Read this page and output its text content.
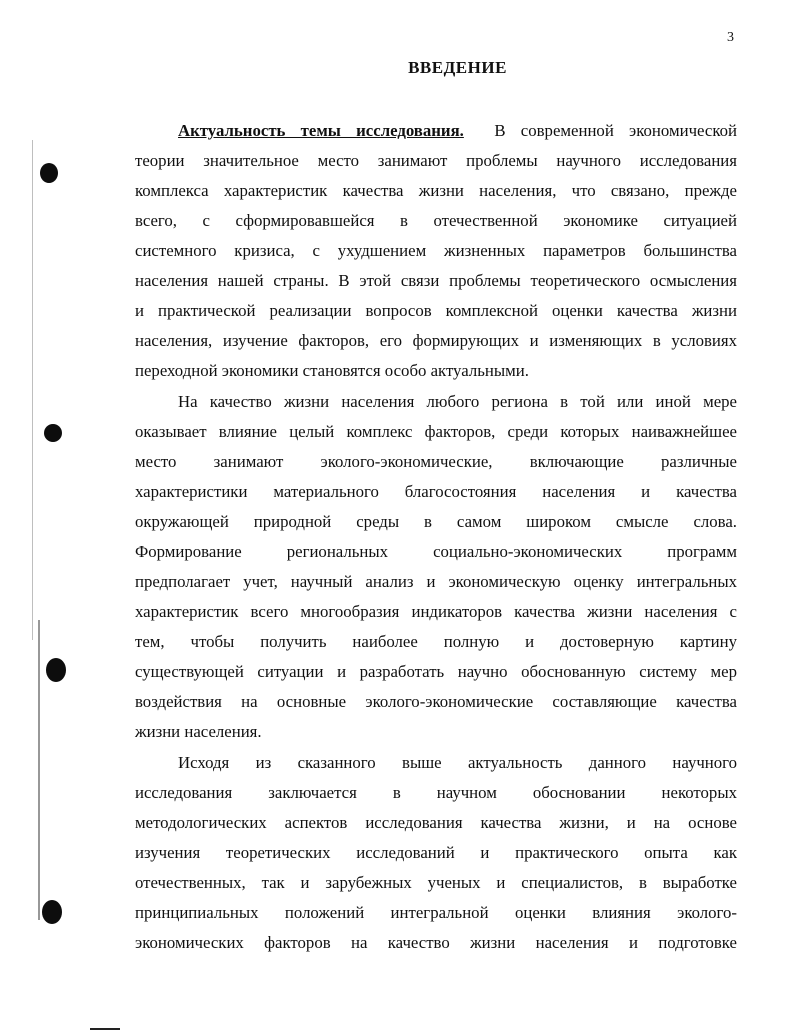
3
ВВЕДЕНИЕ
Актуальность темы исследования. В современной экономической
теории значительное место занимают проблемы научного исследования
комплекса характеристик качества жизни населения, что связано, прежде
всего, с сформировавшейся в отечественной экономике ситуацией
системного кризиса, с ухудшением жизненных параметров большинства
населения нашей страны. В этой связи проблемы теоретического осмысления
и практической реализации вопросов комплексной оценки качества жизни
населения, изучение факторов, его формирующих и изменяющих в условиях
переходной экономики становятся особо актуальными.
На качество жизни населения любого региона в той или иной мере
оказывает влияние целый комплекс факторов, среди которых наиважнейшее
место занимают эколого-экономические, включающие различные
характеристики материального благосостояния населения и качества
окружающей природной среды в самом широком смысле слова.
Формирование региональных социально-экономических программ
предполагает учет, научный анализ и экономическую оценку интегральных
характеристик всего многообразия индикаторов качества жизни населения с
тем, чтобы получить наиболее полную и достоверную картину
существующей ситуации и разработать научно обоснованную систему мер
воздействия на основные эколого-экономические составляющие качества
жизни населения.
Исходя из сказанного выше актуальность данного научного
исследования заключается в научном обосновании некоторых
методологических аспектов исследования качества жизни, и на основе
изучения теоретических исследований и практического опыта как
отечественных, так и зарубежных ученых и специалистов, в выработке
принципиальных положений интегральной оценки влияния эколого-
экономических факторов на качество жизни населения и подготовке
